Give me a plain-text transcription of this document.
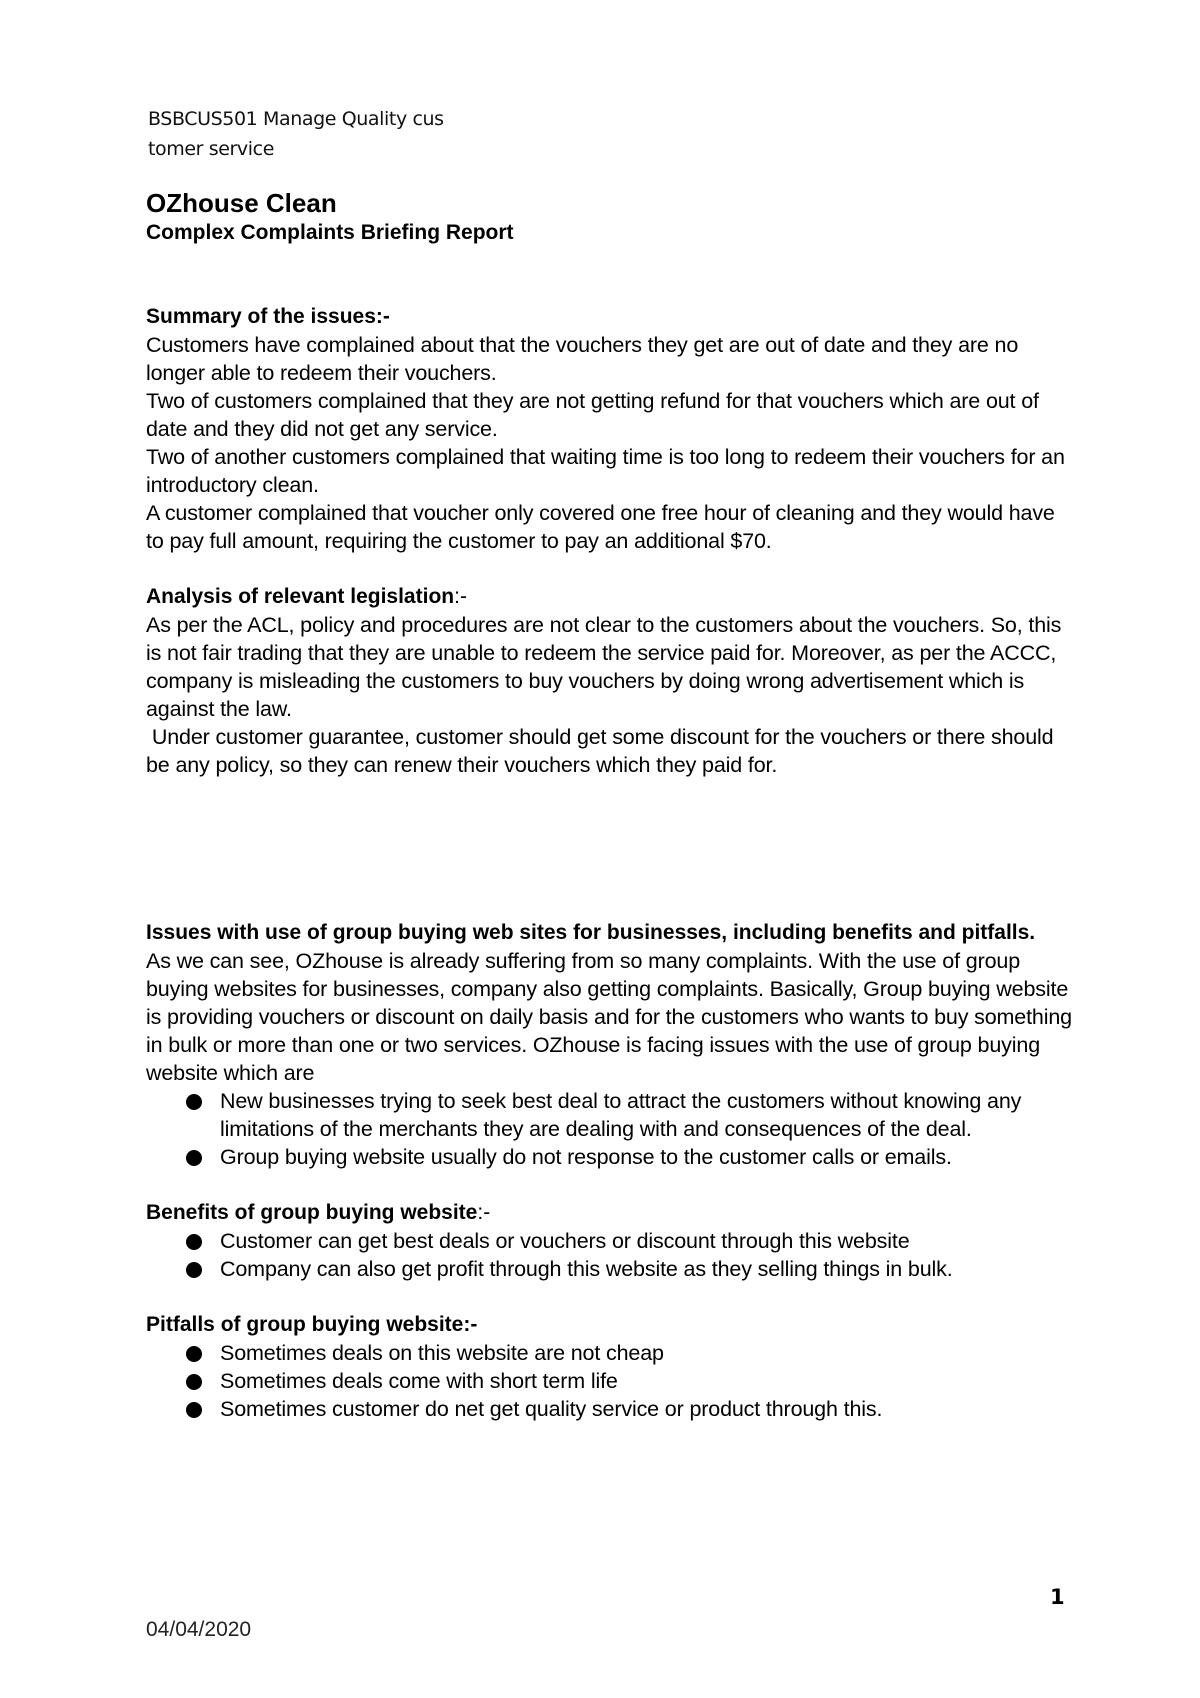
BSBCUS501 Manage Quality cus
tomer service
OZhouse Clean
Complex Complaints Briefing Report
Summary of the issues:-

Customers have complained about that the vouchers they get are out of date and they are no longer able to redeem their vouchers.

Two of customers complained that they are not getting refund for that vouchers which are out of date and they did not get any service.

Two of another customers complained that waiting time is too long to redeem their vouchers for an introductory clean.

A customer complained that voucher only covered one free hour of cleaning and they would have to pay full amount, requiring the customer to pay an additional $70.

Analysis of relevant legislation:-

As per the ACL, policy and procedures are not clear to the customers about the vouchers. So, this is not fair trading that they are unable to redeem the service paid for. Moreover, as per the ACCC, company is misleading the customers to buy vouchers by doing wrong advertisement which is against the law.

Under customer guarantee, customer should get some discount for the vouchers or there should be any policy, so they can renew their vouchers which they paid for.

Issues with use of group buying web sites for businesses, including benefits and pitfalls.

As we can see, OZhouse is already suffering from so many complaints. With the use of group buying websites for businesses, company also getting complaints. Basically, Group buying website is providing vouchers or discount on daily basis and for the customers who wants to buy something in bulk or more than one or two services. OZhouse is facing issues with the use of group buying website which are

New businesses trying to seek best deal to attract the customers without knowing any limitations of the merchants they are dealing with and consequences of the deal.
Group buying website usually do not response to the customer calls or emails.
Benefits of group buying website:-
Customer can get best deals or vouchers or discount through this website
Company can also get profit through this website as they selling things in bulk.
Pitfalls of group buying website:-
Sometimes deals on this website are not cheap
Sometimes deals come with short term life
Sometimes customer do net get quality service or product through this.
1
04/04/2020
